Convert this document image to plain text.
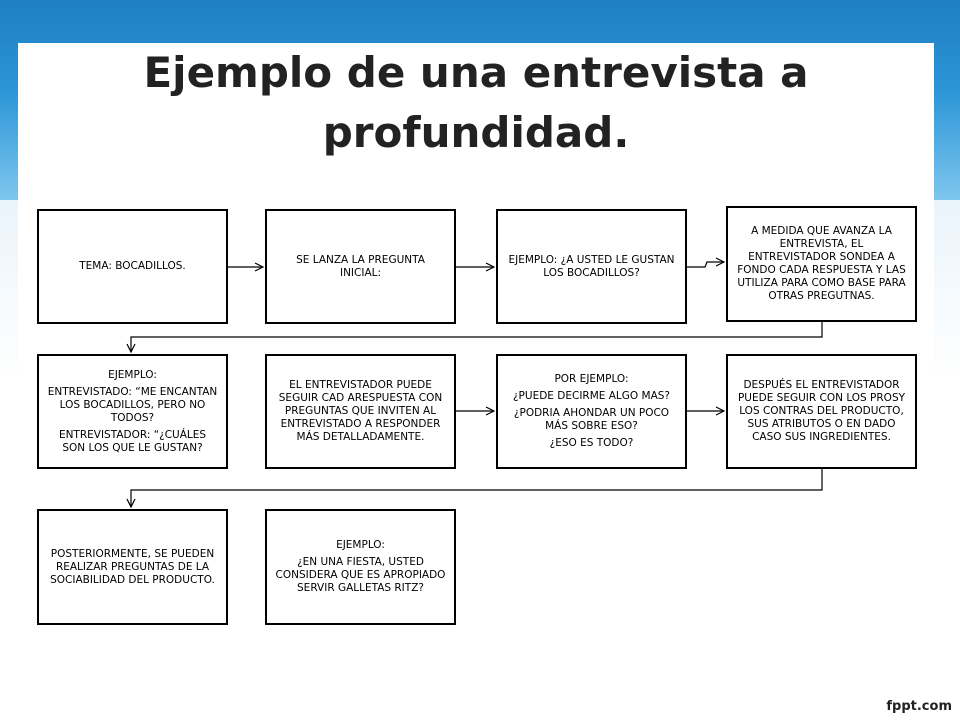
Ejemplo de una entrevista a profundidad.
TEMA: BOCADILLOS.
SE LANZA LA PREGUNTA INICIAL:
EJEMPLO: ¿A USTED LE GUSTAN LOS BOCADILLOS?
A MEDIDA QUE AVANZA LA ENTREVISTA, EL ENTREVISTADOR SONDEA A FONDO CADA RESPUESTA Y LAS UTILIZA PARA COMO BASE PARA OTRAS PREGUTNAS.
EJEMPLO:
ENTREVISTADO: “ME ENCANTAN LOS BOCADILLOS, PERO NO TODOS?
ENTREVISTADOR: “¿CUÁLES SON LOS QUE LE GUSTAN?
EL ENTREVISTADOR PUEDE SEGUIR CAD ARESPUESTA CON PREGUNTAS QUE INVITEN AL ENTREVISTADO A RESPONDER MÁS DETALLADAMENTE.
POR EJEMPLO:
¿PUEDE DECIRME ALGO MAS?
¿PODRIA AHONDAR UN POCO MÁS SOBRE ESO?
¿ESO ES TODO?
DESPUÉS EL ENTREVISTADOR PUEDE SEGUIR CON LOS PROSY LOS CONTRAS DEL PRODUCTO, SUS ATRIBUTOS O EN DADO CASO SUS INGREDIENTES.
POSTERIORMENTE, SE PUEDEN REALIZAR PREGUNTAS DE LA SOCIABILIDAD DEL PRODUCTO.
EJEMPLO:
¿EN UNA FIESTA, USTED CONSIDERA QUE ES APROPIADO SERVIR GALLETAS RITZ?
fppt.com
